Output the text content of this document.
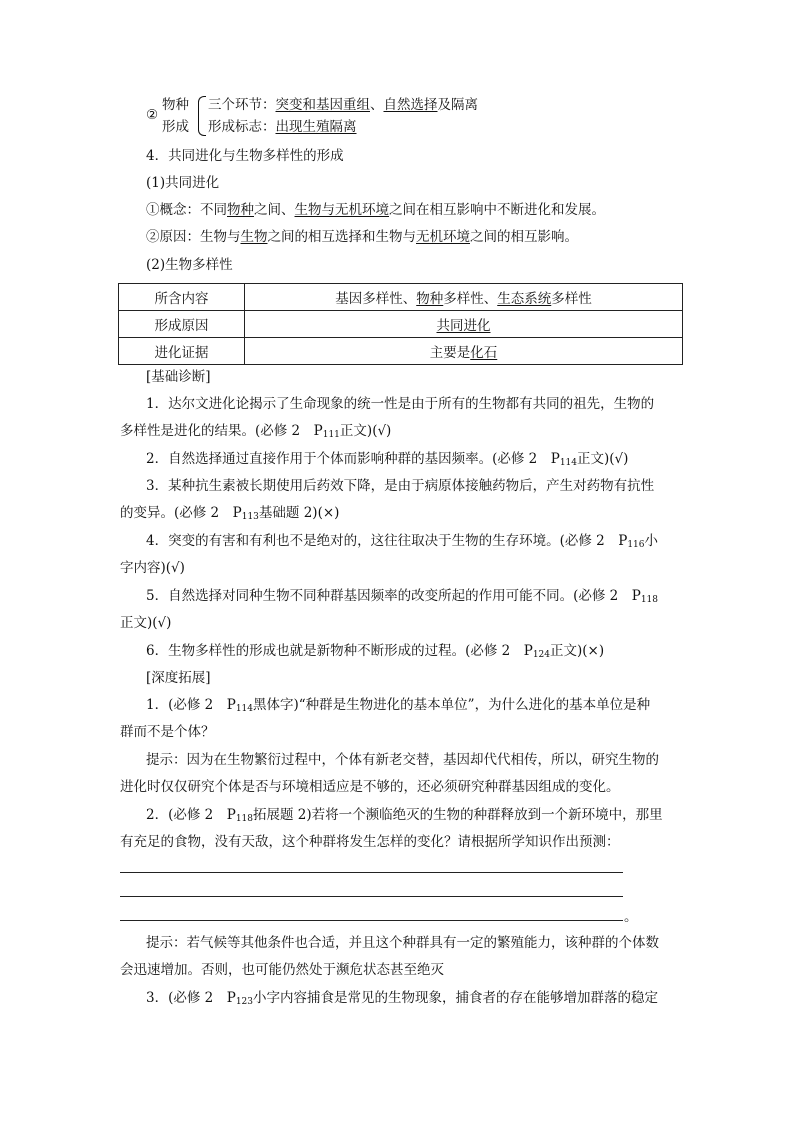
②
物种
形成
三个环节：突变和基因重组、自然选择及隔离
形成标志：出现生殖隔离
4．共同进化与生物多样性的形成
(1)共同进化
①概念：不同物种之间、生物与无机环境之间在相互影响中不断进化和发展。
②原因：生物与生物之间的相互选择和生物与无机环境之间的相互影响。
(2)生物多样性
所含内容	基因多样性、物种多样性、生态系统多样性
形成原因	共同进化
进化证据	主要是化石
[基础诊断]
1．达尔文进化论揭示了生命现象的统一性是由于所有的生物都有共同的祖先，生物的
多样性是进化的结果。(必修 2　$P_{111}$正文)(√)
2．自然选择通过直接作用于个体而影响种群的基因频率。(必修 2　$P_{114}$正文)(√)
3．某种抗生素被长期使用后药效下降，是由于病原体接触药物后，产生对药物有抗性
的变异。(必修 2　$P_{113}$基础题 2)(×)
4．突变的有害和有利也不是绝对的，这往往取决于生物的生存环境。(必修 2　$P_{116}$小
字内容)(√)
5．自然选择对同种生物不同种群基因频率的改变所起的作用可能不同。(必修 2　$P_{118}$
正文)(√)
6．生物多样性的形成也就是新物种不断形成的过程。(必修 2　$P_{124}$正文)(×)
[深度拓展]
1．(必修 2　$P_{114}$黑体字)“种群是生物进化的基本单位”，为什么进化的基本单位是种
群而不是个体？
提示：因为在生物繁衍过程中，个体有新老交替，基因却代代相传，所以，研究生物的
进化时仅仅研究个体是否与环境相适应是不够的，还必须研究种群基因组成的变化。
2．(必修 2　$P_{118}$拓展题 2)若将一个濒临绝灭的生物的种群释放到一个新环境中，那里
有充足的食物，没有天敌，这个种群将发生怎样的变化？请根据所学知识作出预测：
。
提示：若气候等其他条件也合适，并且这个种群具有一定的繁殖能力，该种群的个体数
会迅速增加。否则，也可能仍然处于濒危状态甚至绝灭
3．(必修 2　$P_{123}$小字内容捕食是常见的生物现象，捕食者的存在能够增加群落的稳定
